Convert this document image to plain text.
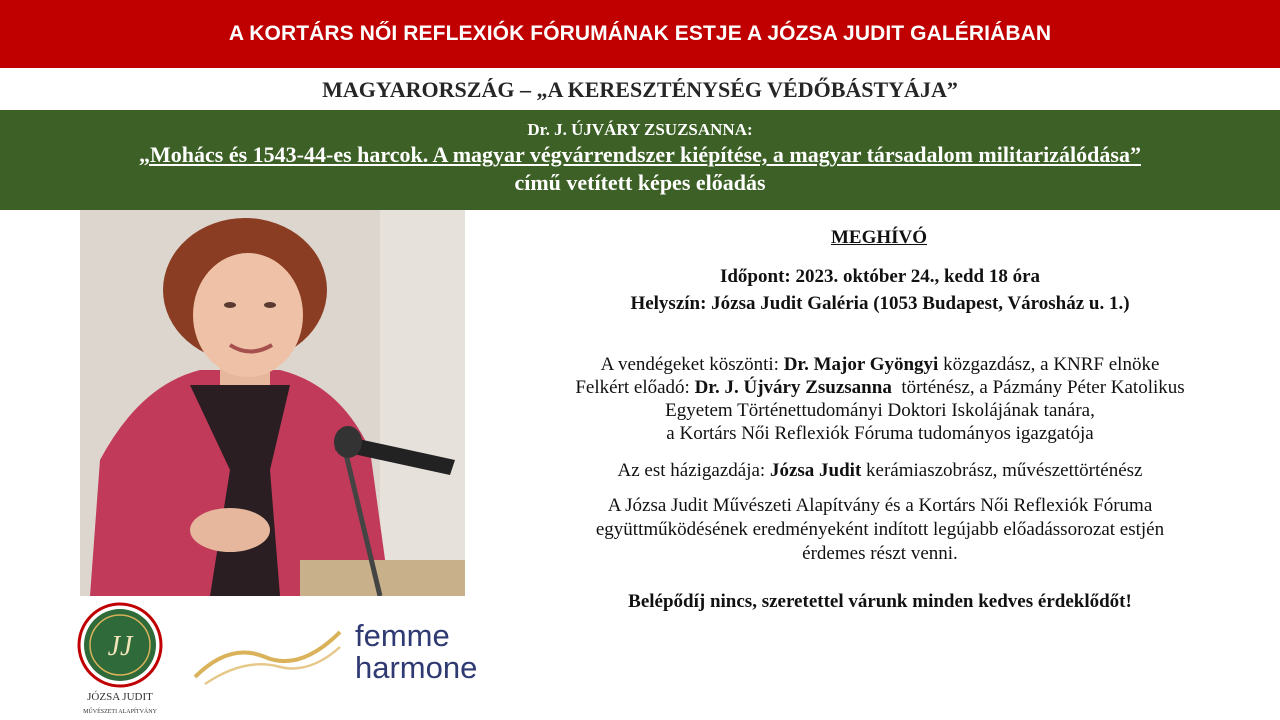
A KORTÁRS NŐI REFLEXIÓK FÓRUMÁNAK ESTJE A JÓZSA JUDIT GALÉRIÁBAN
MAGYARORSZÁG – „A KERESZTÉNYSÉG VÉDŐBÁSTYÁJA”
Dr. J. ÚJVÁRY ZSUZSANNA:
„Mohács és 1543-44-es harcok. A magyar végvárrendszer kiépítése, a magyar társadalom militarizálódása”
című vetített képes előadás
MEGHÍVÓ
Időpont: 2023. október 24., kedd 18 óra
Helyszín: Józsa Judit Galéria (1053 Budapest, Városház u. 1.)
A vendégeket köszönti: Dr. Major Gyöngyi közgazdász, a KNRF elnöke
Felkért előadó: Dr. J. Újváry Zsuzsanna  történész, a Pázmány Péter Katolikus
Egyetem Történettudományi Doktori Iskolájának tanára,
a Kortárs Női Reflexiók Fóruma tudományos igazgatója
Az est házigazdája: Józsa Judit kerámiaszobrász, művészettörténész
A Józsa Judit Művészeti Alapítvány és a Kortárs Női Reflexiók Fóruma
együttműködésének eredményeként indított legújabb előadássorozat estjén
érdemes részt venni.
Belépődíj nincs, szeretettel várunk minden kedves érdeklődőt!
JJ
JÓZSA JUDIT
MŰVÉSZETI ALAPÍTVÁNY
femme
harmone
